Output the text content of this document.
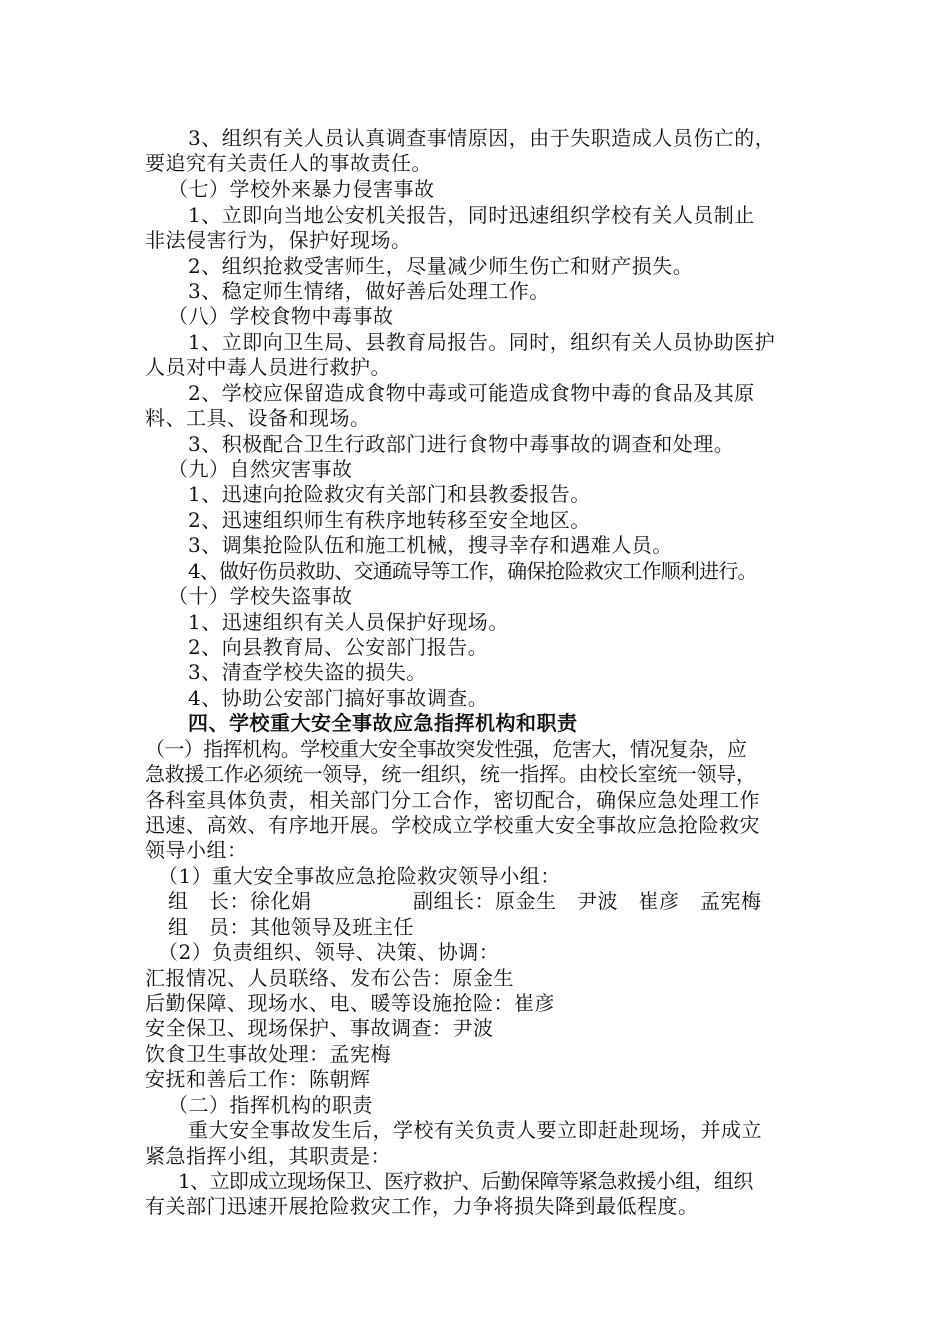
3、组织有关人员认真调查事情原因，由于失职造成人员伤亡的，
要追究有关责任人的事故责任。
（七）学校外来暴力侵害事故
1、立即向当地公安机关报告，同时迅速组织学校有关人员制止
非法侵害行为，保护好现场。
2、组织抢救受害师生，尽量减少师生伤亡和财产损失。
3、稳定师生情绪，做好善后处理工作。
（八）学校食物中毒事故
1、立即向卫生局、县教育局报告。同时，组织有关人员协助医护
人员对中毒人员进行救护。
2、学校应保留造成食物中毒或可能造成食物中毒的食品及其原
料、工具、设备和现场。
3、积极配合卫生行政部门进行食物中毒事故的调查和处理。
（九）自然灾害事故
1、迅速向抢险救灾有关部门和县教委报告。
2、迅速组织师生有秩序地转移至安全地区。
3、调集抢险队伍和施工机械，搜寻幸存和遇难人员。
4、做好伤员救助、交通疏导等工作，确保抢险救灾工作顺利进行。
（十）学校失盗事故
1、迅速组织有关人员保护好现场。
2、向县教育局、公安部门报告。
3、清查学校失盗的损失。
4、协助公安部门搞好事故调查。
四、学校重大安全事故应急指挥机构和职责
（一）指挥机构。学校重大安全事故突发性强，危害大，情况复杂，应
急救援工作必须统一领导，统一组织，统一指挥。由校长室统一领导，
各科室具体负责，相关部门分工合作，密切配合，确保应急处理工作
迅速、高效、有序地开展。学校成立学校重大安全事故应急抢险救灾
领导小组：
（1）重大安全事故应急抢险救灾领导小组：
组　长：徐化娟	副组长：原金生　尹波　崔彦　孟宪梅
组　员：其他领导及班主任
（2）负责组织、领导、决策、协调：
汇报情况、人员联络、发布公告：原金生
后勤保障、现场水、电、暖等设施抢险：崔彦
安全保卫、现场保护、事故调查：尹波
饮食卫生事故处理：孟宪梅
安抚和善后工作：陈朝辉
（二）指挥机构的职责
重大安全事故发生后，学校有关负责人要立即赶赴现场，并成立
紧急指挥小组，其职责是：
1、立即成立现场保卫、医疗救护、后勤保障等紧急救援小组，组织
有关部门迅速开展抢险救灾工作，力争将损失降到最低程度。
